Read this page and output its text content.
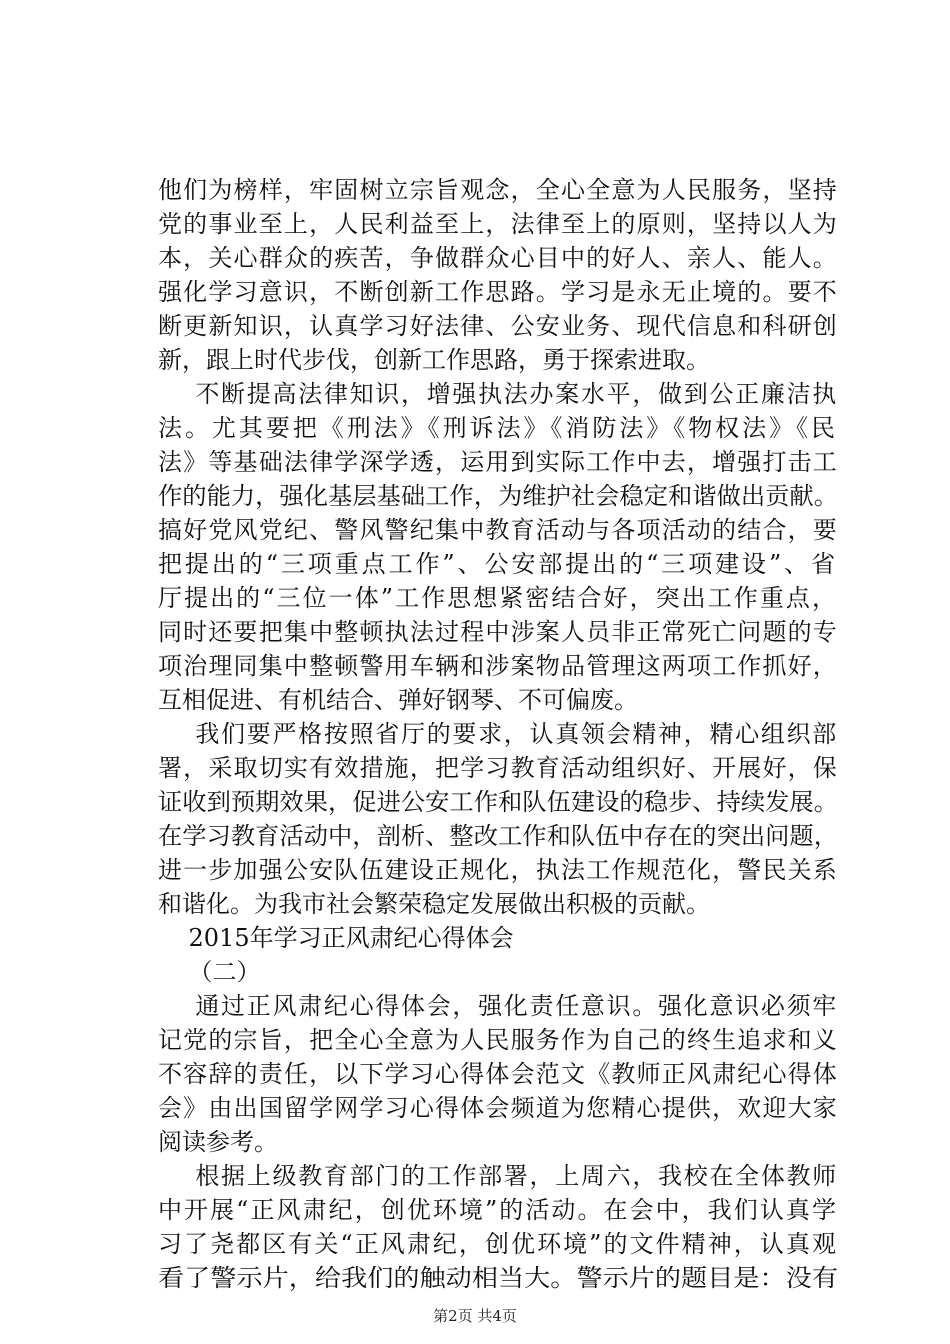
他们为榜样，牢固树立宗旨观念，全心全意为人民服务，坚持
党的事业至上，人民利益至上，法律至上的原则，坚持以人为
本，关心群众的疾苦，争做群众心目中的好人、亲人、能人。
强化学习意识，不断创新工作思路。学习是永无止境的。要不
断更新知识，认真学习好法律、公安业务、现代信息和科研创
新，跟上时代步伐，创新工作思路，勇于探索进取。
不断提高法律知识，增强执法办案水平，做到公正廉洁执
法。尤其要把《刑法》《刑诉法》《消防法》《物权法》《民
法》等基础法律学深学透，运用到实际工作中去，增强打击工
作的能力，强化基层基础工作，为维护社会稳定和谐做出贡献。
搞好党风党纪、警风警纪集中教育活动与各项活动的结合，要
把提出的“三项重点工作”、公安部提出的“三项建设”、省
厅提出的“三位一体”工作思想紧密结合好，突出工作重点，
同时还要把集中整顿执法过程中涉案人员非正常死亡问题的专
项治理同集中整顿警用车辆和涉案物品管理这两项工作抓好，
互相促进、有机结合、弹好钢琴、不可偏废。
我们要严格按照省厅的要求，认真领会精神，精心组织部
署，采取切实有效措施，把学习教育活动组织好、开展好，保
证收到预期效果，促进公安工作和队伍建设的稳步、持续发展。
在学习教育活动中，剖析、整改工作和队伍中存在的突出问题，
进一步加强公安队伍建设正规化，执法工作规范化，警民关系
和谐化。为我市社会繁荣稳定发展做出积极的贡献。
2015年学习正风肃纪心得体会
（二）
通过正风肃纪心得体会，强化责任意识。强化意识必须牢
记党的宗旨，把全心全意为人民服务作为自己的终生追求和义
不容辞的责任，以下学习心得体会范文《教师正风肃纪心得体
会》由出国留学网学习心得体会频道为您精心提供，欢迎大家
阅读参考。
根据上级教育部门的工作部署，上周六，我校在全体教师
中开展“正风肃纪，创优环境”的活动。在会中，我们认真学
习了尧都区有关“正风肃纪，创优环境”的文件精神，认真观
看了警示片，给我们的触动相当大。警示片的题目是：没有
第2页 共4页
